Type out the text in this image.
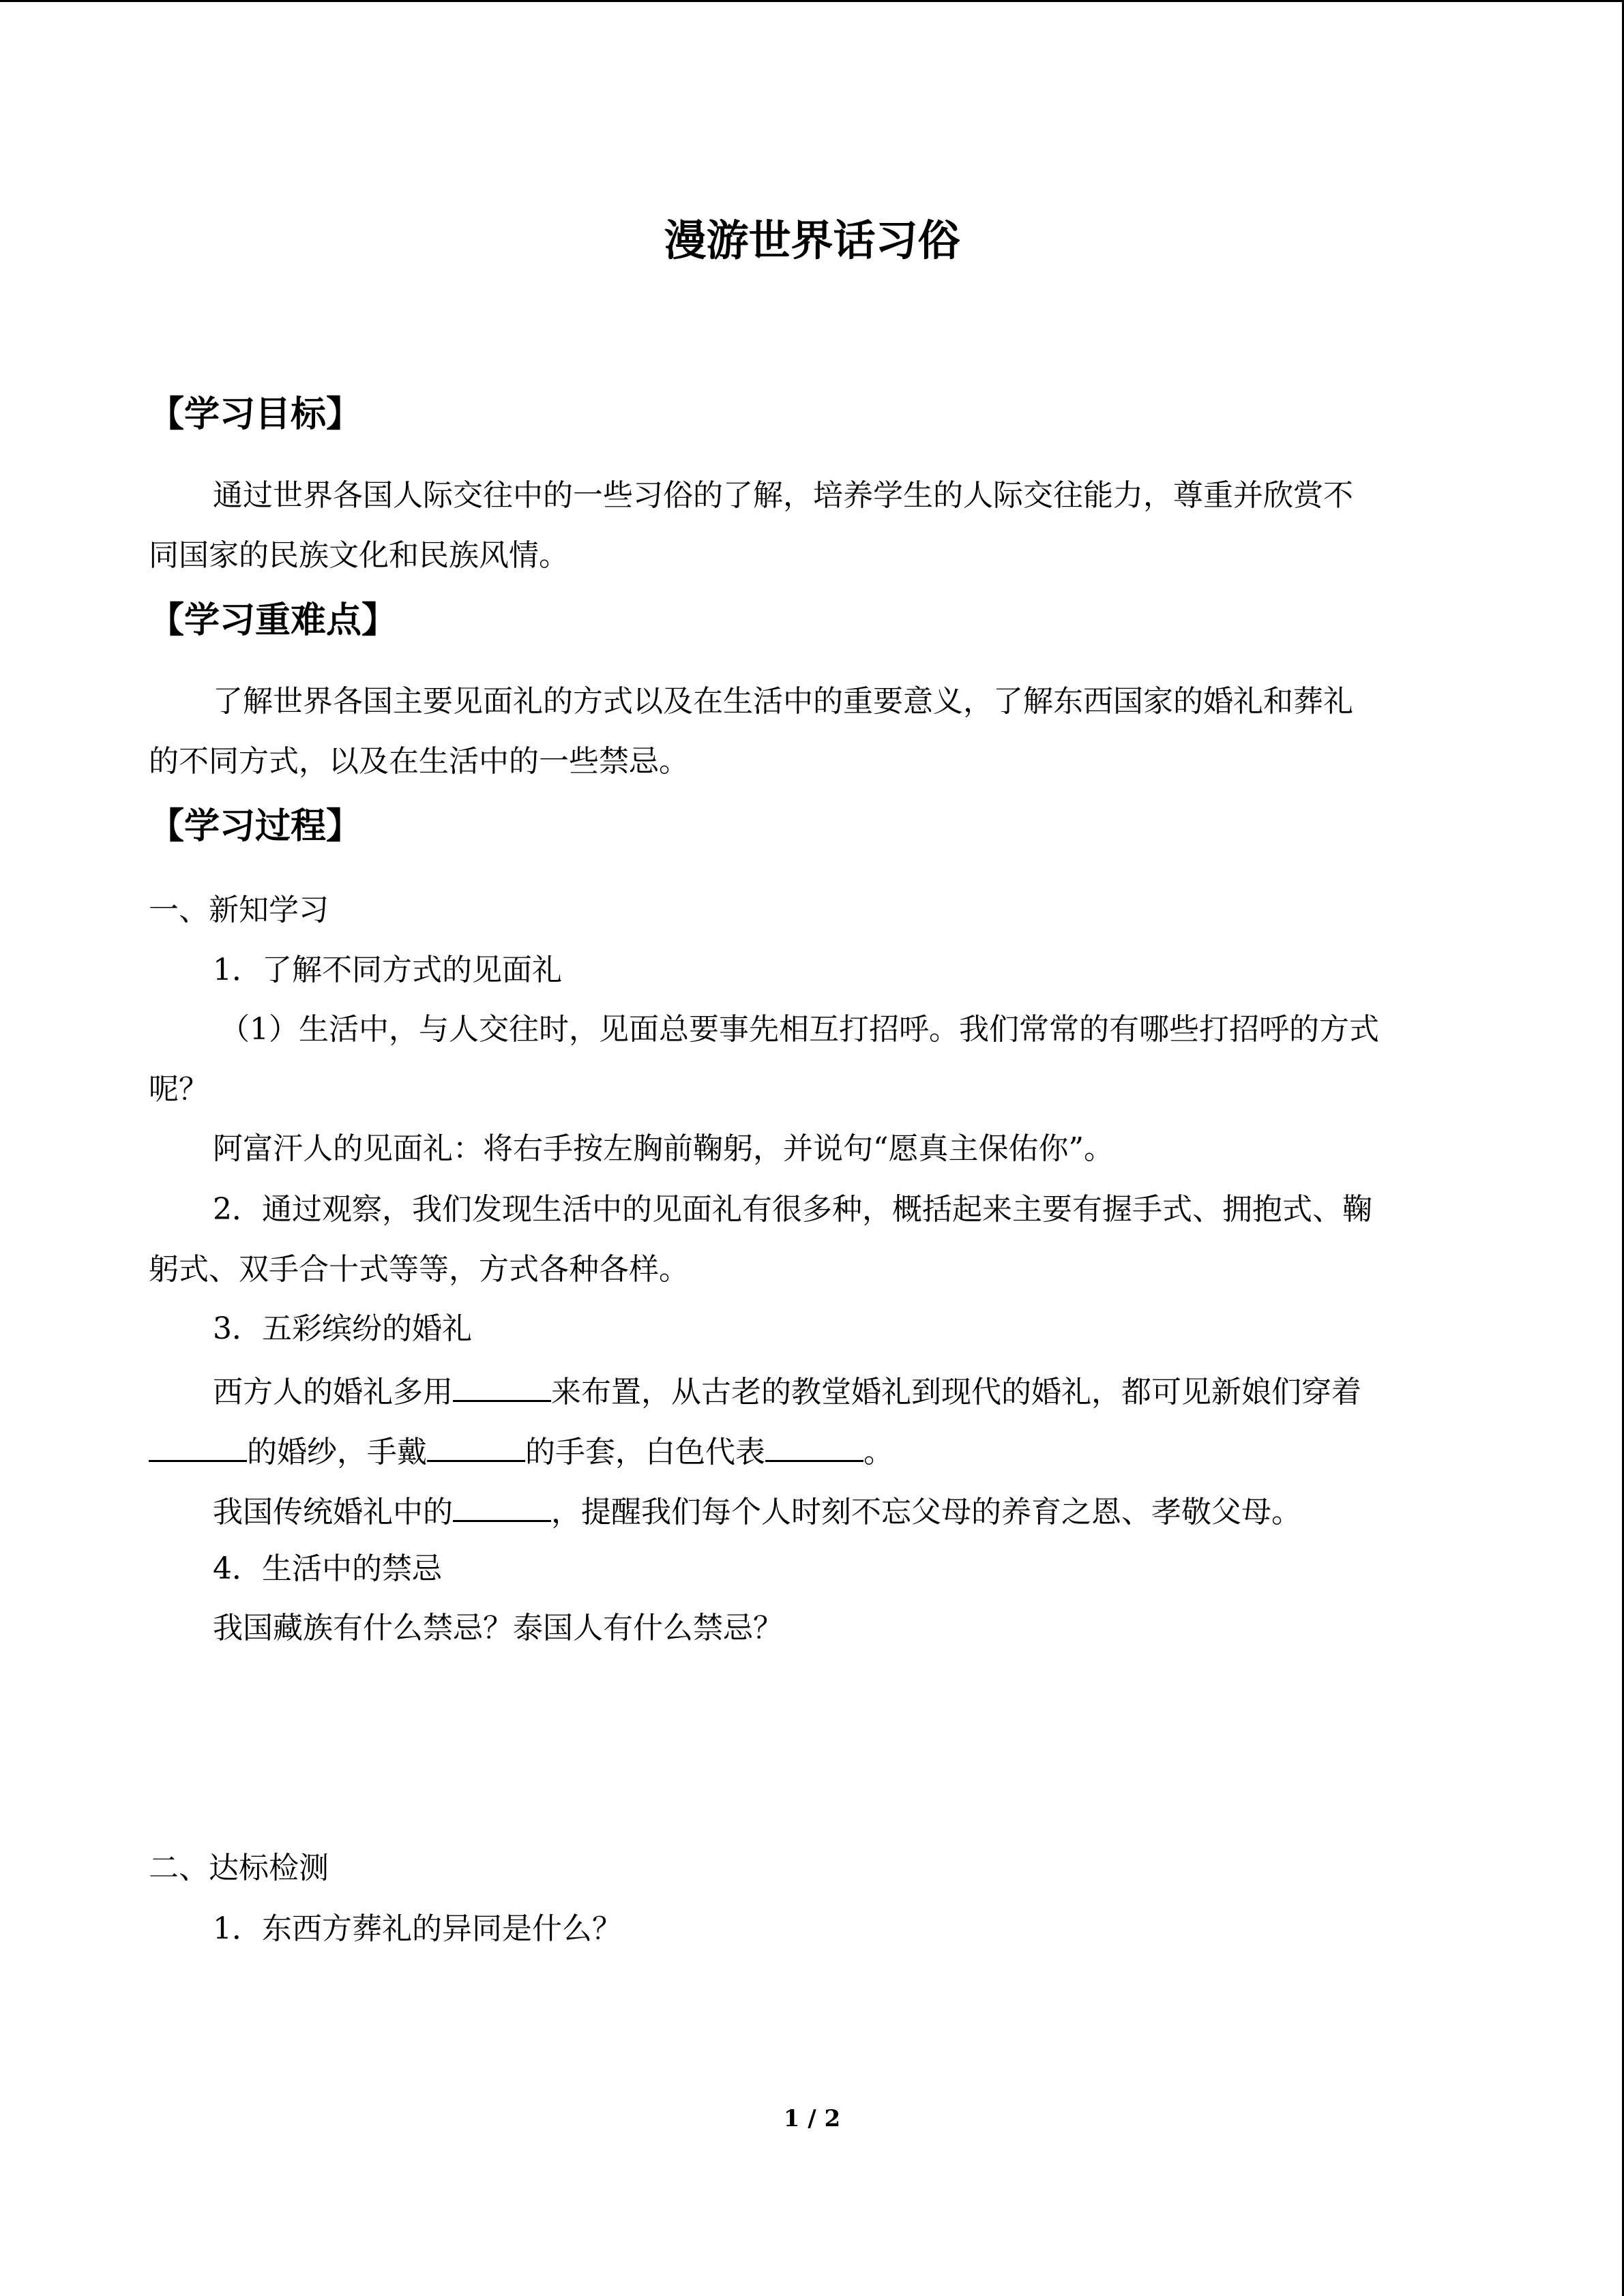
漫游世界话习俗
【学习目标】
通过世界各国人际交往中的一些习俗的了解，培养学生的人际交往能力，尊重并欣赏不
同国家的民族文化和民族风情。
【学习重难点】
了解世界各国主要见面礼的方式以及在生活中的重要意义，了解东西国家的婚礼和葬礼
的不同方式，以及在生活中的一些禁忌。
【学习过程】
一、新知学习
1．了解不同方式的见面礼
（1）生活中，与人交往时，见面总要事先相互打招呼。我们常常的有哪些打招呼的方式
呢？
阿富汗人的见面礼：将右手按左胸前鞠躬，并说句“愿真主保佑你”。
2．通过观察，我们发现生活中的见面礼有很多种，概括起来主要有握手式、拥抱式、鞠
躬式、双手合十式等等，方式各种各样。
3．五彩缤纷的婚礼
西方人的婚礼多用	来布置，从古老的教堂婚礼到现代的婚礼，都可见新娘们穿着
的婚纱，手戴	的手套，白色代表	。
我国传统婚礼中的	，提醒我们每个人时刻不忘父母的养育之恩、孝敬父母。
4．生活中的禁忌
我国藏族有什么禁忌？泰国人有什么禁忌？
二、达标检测
1．东西方葬礼的异同是什么？
1 / 2
